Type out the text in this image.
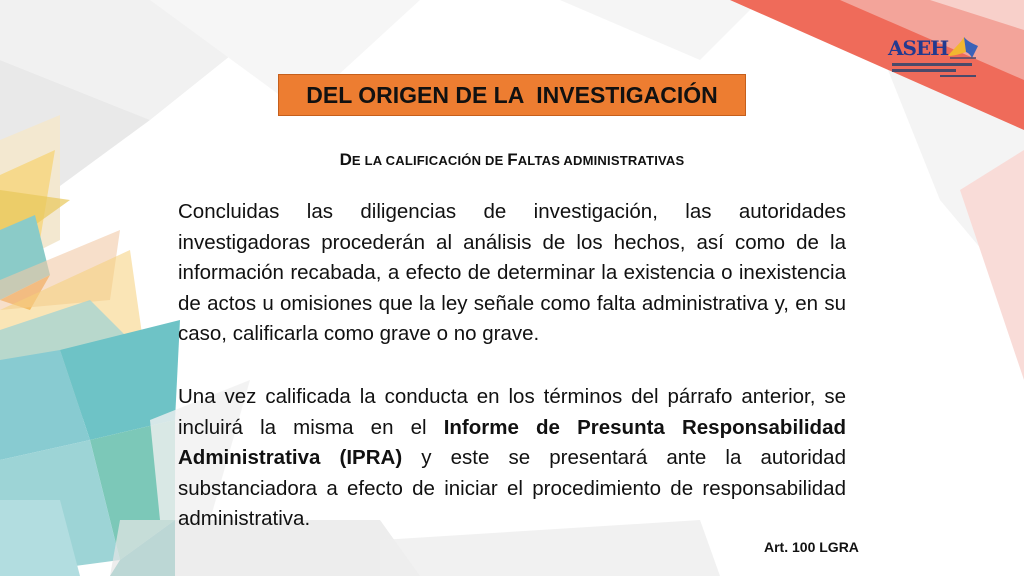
ASEH
DEL ORIGEN DE LA  INVESTIGACIÓN
DE LA CALIFICACIÓN DE FALTAS ADMINISTRATIVAS

Concluidas las diligencias de investigación, las autoridades investigadoras procederán al análisis de los hechos, así como de la información recabada, a efecto de determinar la existencia o inexistencia de actos u omisiones que la ley señale como falta administrativa y, en su caso, calificarla como grave o no grave.

Una vez calificada la conducta en los términos del párrafo anterior, se incluirá la misma en el Informe de Presunta Responsabilidad Administrativa (IPRA) y este se presentará ante la autoridad substanciadora a efecto de iniciar el procedimiento de responsabilidad administrativa.

Art. 100 LGRA
